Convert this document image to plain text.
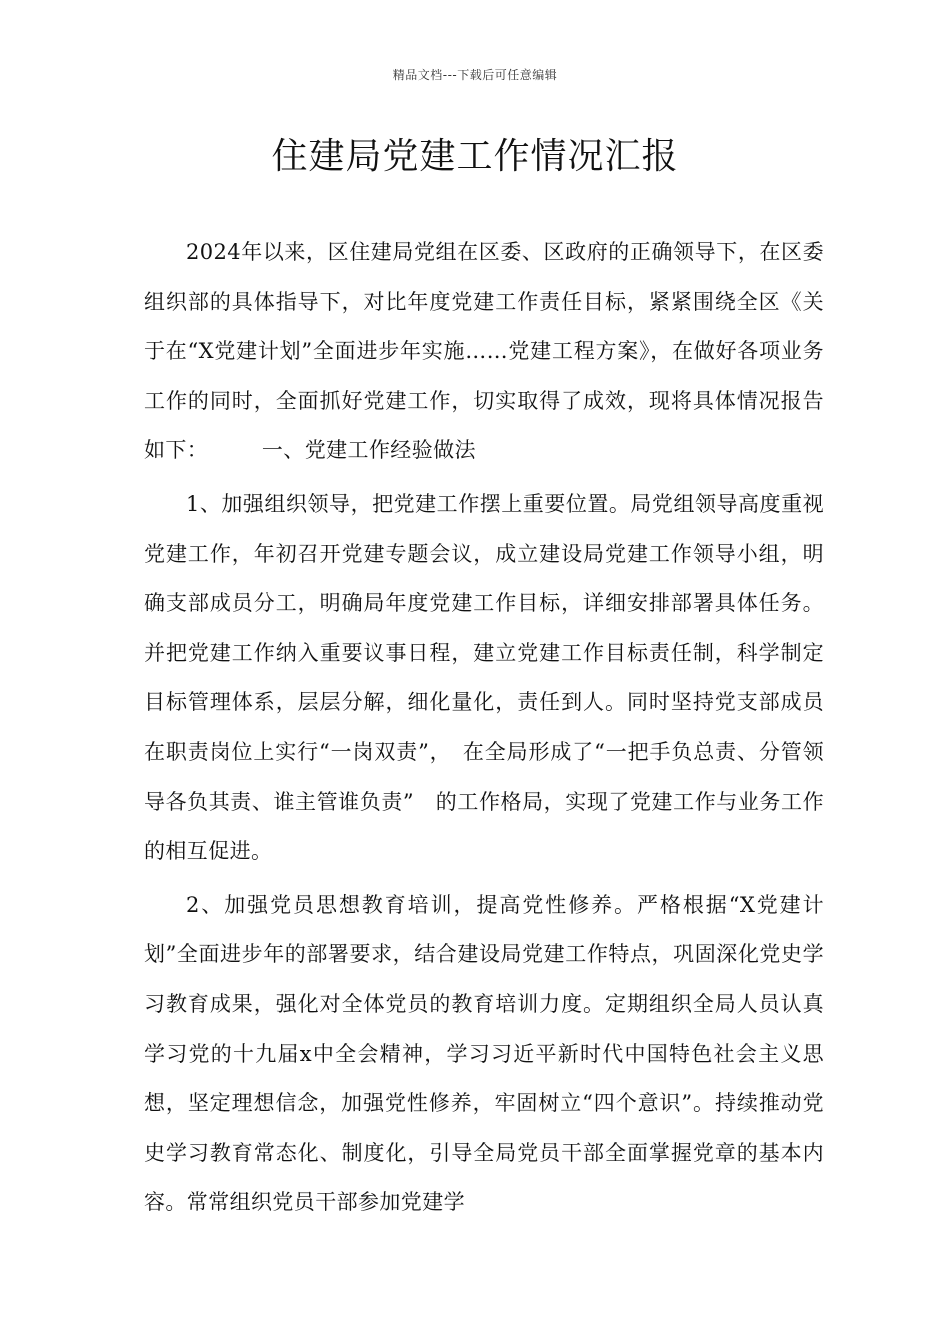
精品文档---下载后可任意编辑
住建局党建工作情况汇报

2024年以来，区住建局党组在区委、区政府的正确领导下，在区委组织部的具体指导下，对比年度党建工作责任目标，紧紧围绕全区《关于在“X党建计划”全面进步年实施……党建工程方案》，在做好各项业务工作的同时，全面抓好党建工作，切实取得了成效，现将具体情况报告如下：　　　一、党建工作经验做法

1、加强组织领导，把党建工作摆上重要位置。局党组领导高度重视党建工作，年初召开党建专题会议，成立建设局党建工作领导小组，明确支部成员分工，明确局年度党建工作目标，详细安排部署具体任务。并把党建工作纳入重要议事日程，建立党建工作目标责任制，科学制定目标管理体系，层层分解，细化量化，责任到人。同时坚持党支部成员在职责岗位上实行“一岗双责”，　在全局形成了“一把手负总责、分管领导各负其责、谁主管谁负责”　的工作格局，实现了党建工作与业务工作的相互促进。

2、加强党员思想教育培训，提高党性修养。严格根据“X党建计划”全面进步年的部署要求，结合建设局党建工作特点，巩固深化党史学习教育成果，强化对全体党员的教育培训力度。定期组织全局人员认真学习党的十九届x中全会精神，学习习近平新时代中国特色社会主义思想，坚定理想信念，加强党性修养，牢固树立“四个意识”。持续推动党史学习教育常态化、制度化，引导全局党员干部全面掌握党章的基本内容。常常组织党员干部参加党建学
